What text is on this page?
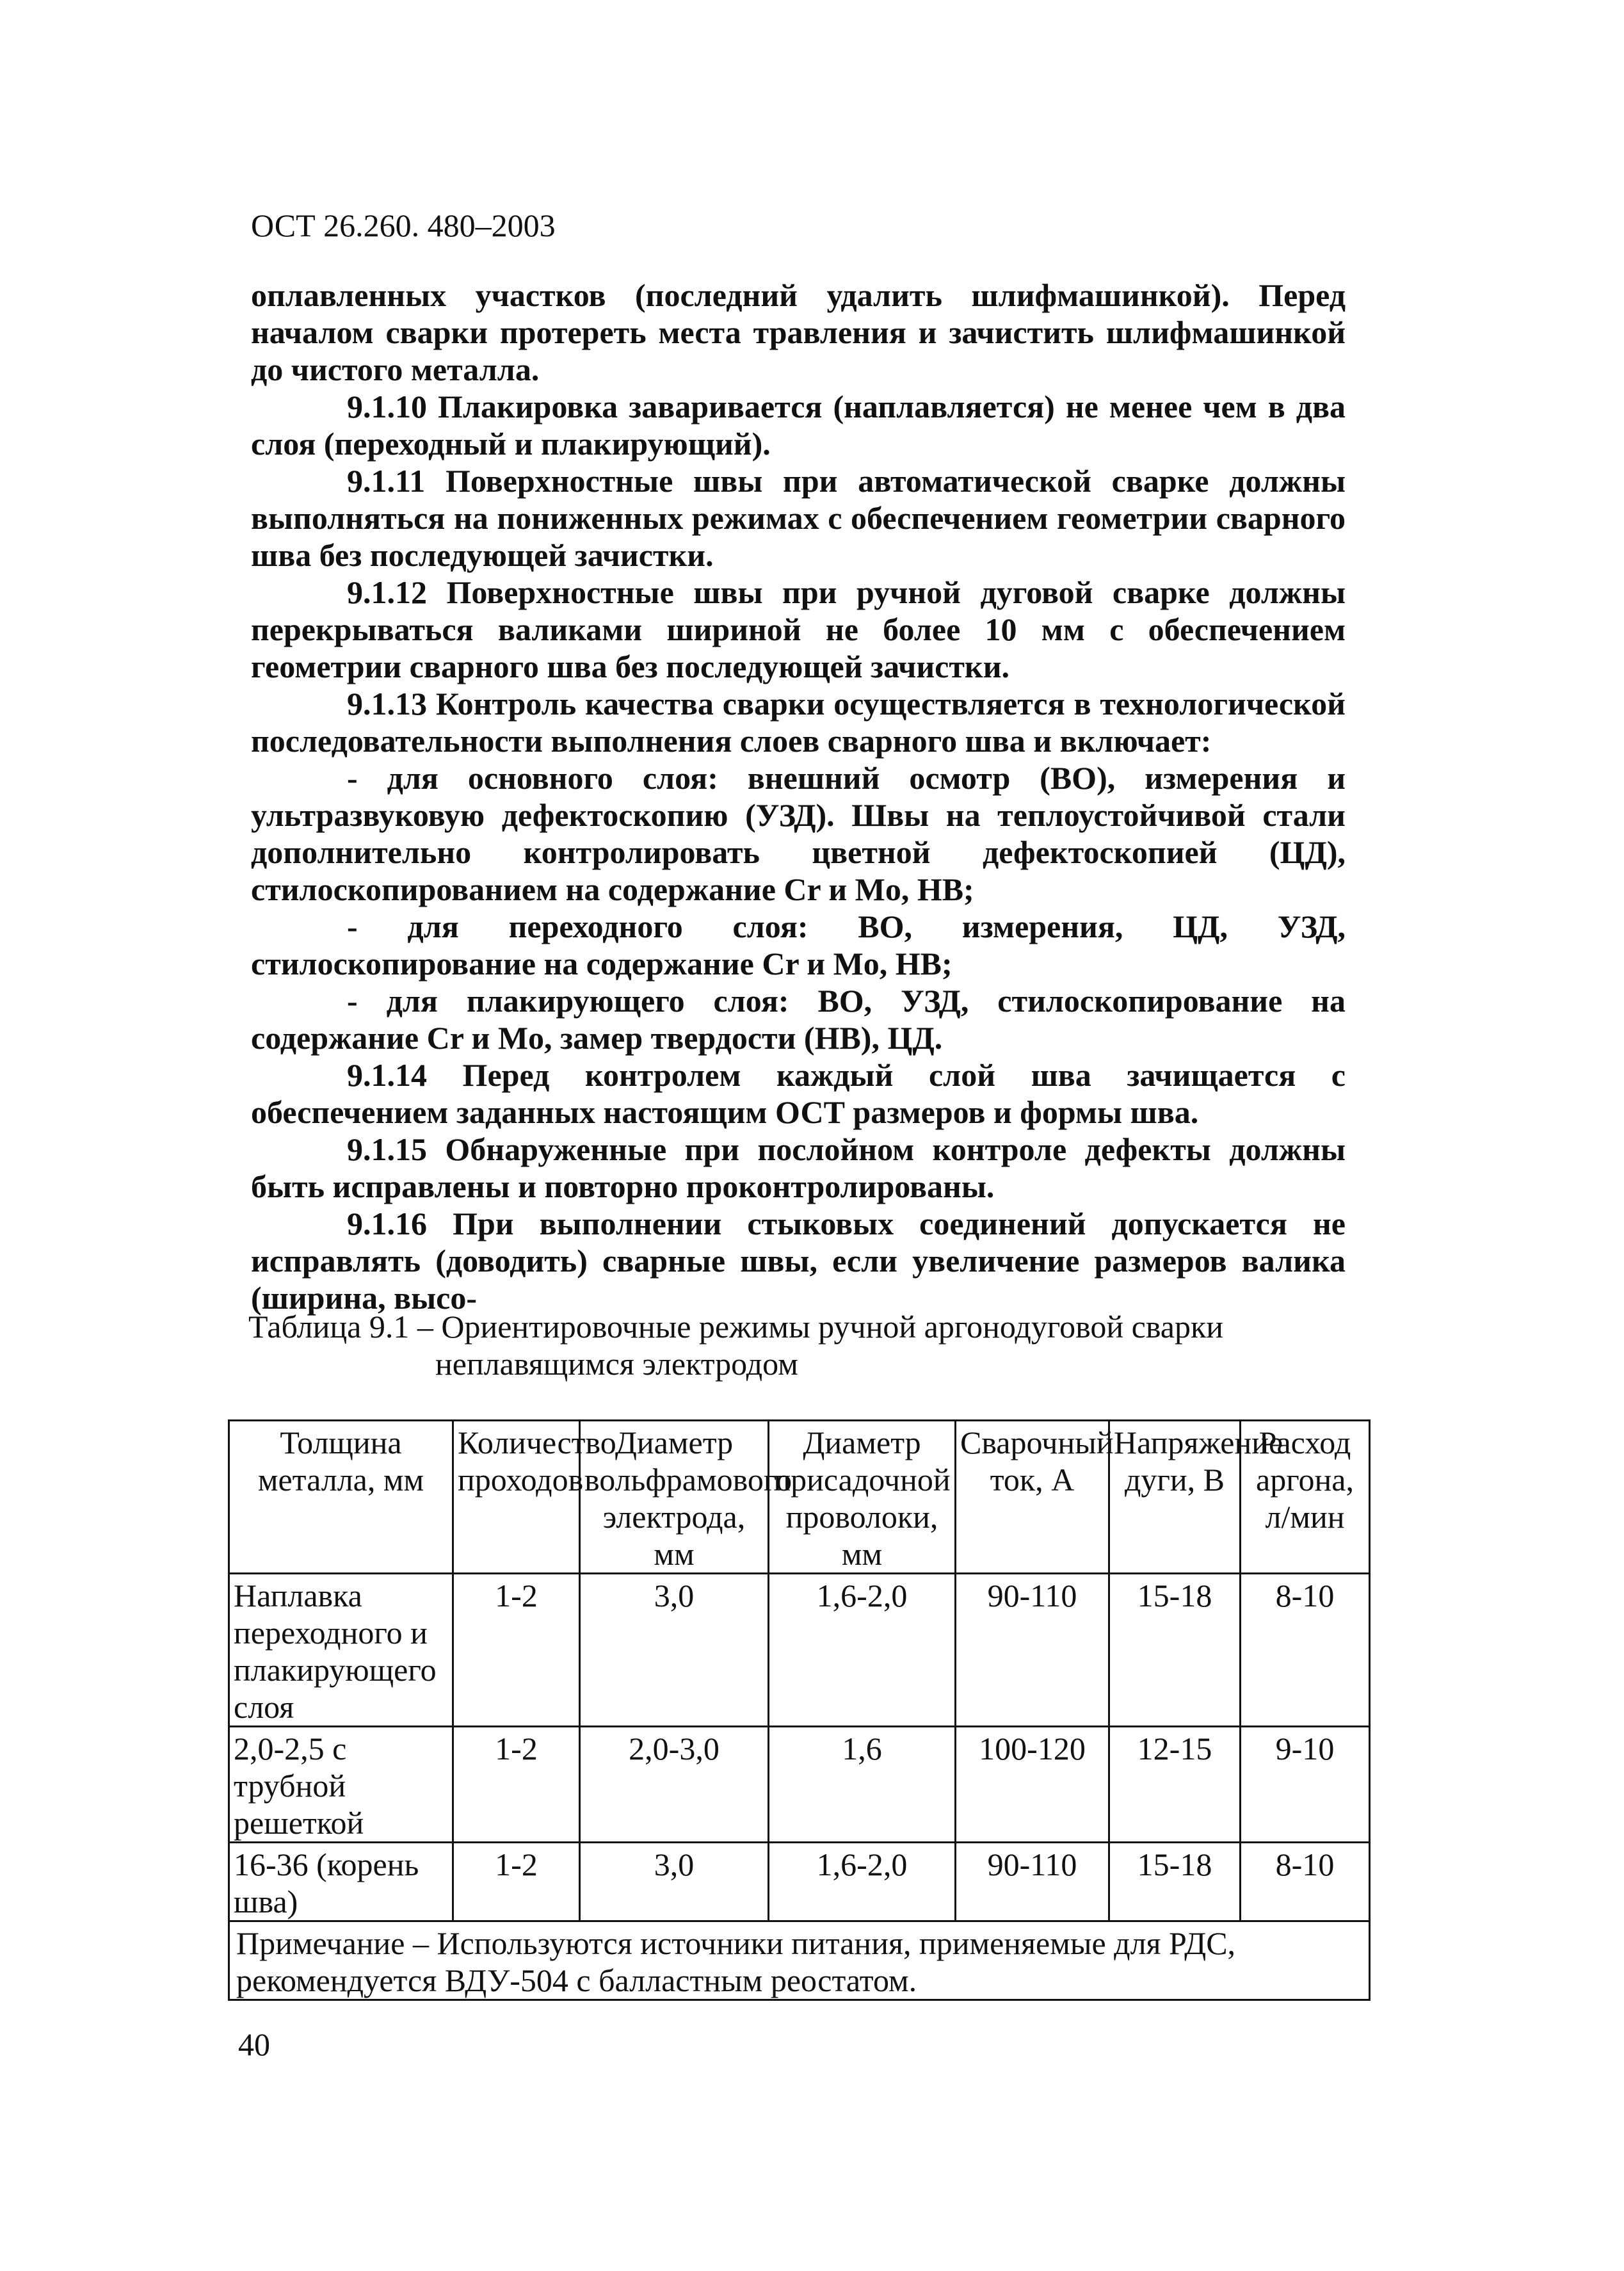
ОСТ 26.260. 480–2003

оплавленных участков (последний удалить шлифмашинкой). Перед началом сварки протереть места травления и зачистить шлифмашинкой до чистого металла.

9.1.10 Плакировка заваривается (наплавляется) не менее чем в два слоя (переходный и плакирующий).

9.1.11 Поверхностные швы при автоматической сварке должны выполняться на пониженных режимах с обеспечением геометрии сварного шва без последующей зачистки.

9.1.12 Поверхностные швы при ручной дуговой сварке должны перекрываться валиками шириной не более 10 мм с обеспечением геометрии сварного шва без последующей зачистки.

9.1.13 Контроль качества сварки осуществляется в технологической последовательности выполнения слоев сварного шва и включает:

- для основного слоя: внешний осмотр (ВО), измерения и ультразвуковую дефектоскопию (УЗД). Швы на теплоустойчивой стали дополнительно контролировать цветной дефектоскопией (ЦД), стилоскопированием на содержание Cr и Mo, HB;

- для переходного слоя: ВО, измерения, ЦД, УЗД, стилоскопирование на содержание Cr и Mo, HB;

- для плакирующего слоя: ВО, УЗД, стилоскопирование на содержание Cr и Mo, замер твердости (HB), ЦД.

9.1.14 Перед контролем каждый слой шва зачищается с обеспечением заданных настоящим ОСТ размеров и формы шва.

9.1.15 Обнаруженные при послойном контроле дефекты должны быть исправлены и повторно проконтролированы.

9.1.16 При выполнении стыковых соединений допускается не исправлять (доводить) сварные швы, если увеличение размеров валика (ширина, высо-

Таблица 9.1 – Ориентировочные режимы ручной аргонодуговой сварки
неплавящимся электродом
Толщина металла, мм	Количество проходов	Диаметр вольфрамового электрода, мм	Диаметр присадочной проволоки, мм	Сварочный ток, А	Напряжение дуги, В	Расход аргона, л/мин
Наплавка переходного и плакирующего слоя	1-2	3,0	1,6-2,0	90-110	15-18	8-10
2,0-2,5 с трубной решеткой	1-2	2,0-3,0	1,6	100-120	12-15	9-10
16-36 (корень шва)	1-2	3,0	1,6-2,0	90-110	15-18	8-10
Примечание – Используются источники питания, применяемые для РДС, рекомендуется ВДУ-504 с балластным реостатом.						
40
